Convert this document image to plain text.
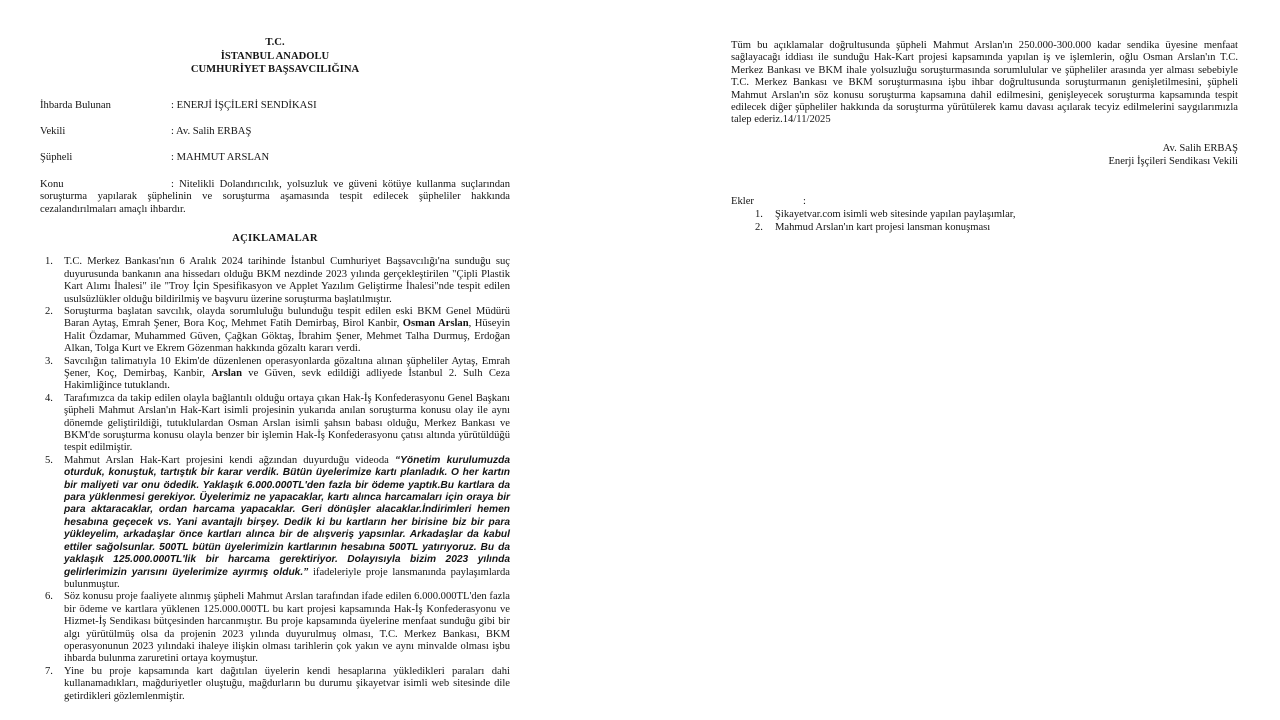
T.C.
İSTANBUL ANADOLU
CUMHURİYET BAŞSAVCILIĞINA

İhbarda Bulunan	: ENERJİ İŞÇİLERİ SENDİKASI

Vekili	: Av. Salih ERBAŞ

Şüpheli	: MAHMUT ARSLAN

Konu	: Nitelikli Dolandırıcılık, yolsuzluk ve güveni kötüye kullanma suçlarından soruşturma yapılarak şüphelinin ve soruşturma aşamasında tespit edilecek şüpheliler hakkında cezalandırılmaları amaçlı ihbardır.

AÇIKLAMALAR
1. T.C. Merkez Bankası'nın 6 Aralık 2024 tarihinde İstanbul Cumhuriyet Başsavcılığı'na sunduğu suç duyurusunda bankanın ana hissedarı olduğu BKM nezdinde 2023 yılında gerçekleştirilen "Çipli Plastik Kart Alımı İhalesi" ile "Troy İçin Spesifikasyon ve Applet Yazılım Geliştirme İhalesi"nde tespit edilen usulsüzlükler olduğu bildirilmiş ve başvuru üzerine soruşturma başlatılmıştır.
2. Soruşturma başlatan savcılık, olayda sorumluluğu bulunduğu tespit edilen eski BKM Genel Müdürü Baran Aytaş, Emrah Şener, Bora Koç, Mehmet Fatih Demirbaş, Birol Kanbir, Osman Arslan, Hüseyin Halit Özdamar, Muhammed Güven, Çağkan Göktaş, İbrahim Şener, Mehmet Talha Durmuş, Erdoğan Alkan, Tolga Kurt ve Ekrem Gözenman hakkında gözaltı kararı verdi.
3. Savcılığın talimatıyla 10 Ekim'de düzenlenen operasyonlarda gözaltına alınan şüpheliler Aytaş, Emrah Şener, Koç, Demirbaş, Kanbir, Arslan ve Güven, sevk edildiği adliyede İstanbul 2. Sulh Ceza Hakimliğince tutuklandı.
4. Tarafımızca da takip edilen olayla bağlantılı olduğu ortaya çıkan Hak-İş Konfederasyonu Genel Başkanı şüpheli Mahmut Arslan'ın Hak-Kart isimli projesinin yukarıda anılan soruşturma konusu olay ile aynı dönemde geliştirildiği, tutuklulardan Osman Arslan isimli şahsın babası olduğu, Merkez Bankası ve BKM'de soruşturma konusu olayla benzer bir işlemin Hak-İş Konfederasyonu çatısı altında yürütüldüğü tespit edilmiştir.
5. Mahmut Arslan Hak-Kart projesini kendi ağzından duyurduğu videoda “Yönetim kurulumuzda oturduk, konuştuk, tartıştık bir karar verdik. Bütün üyelerimize kartı planladık. O her kartın bir maliyeti var onu ödedik. Yaklaşık 6.000.000TL'den fazla bir ödeme yaptık.Bu kartlara da para yüklenmesi gerekiyor. Üyelerimiz ne yapacaklar, kartı alınca harcamaları için oraya bir para aktaracaklar, ordan harcama yapacaklar. Geri dönüşler alacaklar.İndirimleri hemen hesabına geçecek vs. Yani avantajlı birşey. Dedik ki bu kartların her birisine biz bir para yükleyelim, arkadaşlar önce kartları alınca bir de alışveriş yapsınlar. Arkadaşlar da kabul ettiler sağolsunlar. 500TL bütün üyelerimizin kartlarının hesabına 500TL yatırıyoruz. Bu da yaklaşık 125.000.000TL'lik bir harcama gerektiriyor. Dolayısıyla bizim 2023 yılında gelirlerimizin yarısını üyelerimize ayırmış olduk.” ifadeleriyle proje lansmanında paylaşımlarda bulunmuştur.
6. Söz konusu proje faaliyete alınmış şüpheli Mahmut Arslan tarafından ifade edilen 6.000.000TL'den fazla bir ödeme ve kartlara yüklenen 125.000.000TL bu kart projesi kapsamında Hak-İş Konfederasyonu ve Hizmet-İş Sendikası bütçesinden harcanmıştır. Bu proje kapsamında üyelerine menfaat sunduğu gibi bir algı yürütülmüş olsa da projenin 2023 yılında duyurulmuş olması, T.C. Merkez Bankası, BKM operasyonunun 2023 yılındaki ihaleye ilişkin olması tarihlerin çok yakın ve aynı minvalde olması işbu ihbarda bulunma zaruretini ortaya koymuştur.
7. Yine bu proje kapsamında kart dağıtılan üyelerin kendi hesaplarına yükledikleri paraları dahi kullanamadıkları, mağduriyetler oluştuğu, mağdurların bu durumu şikayetvar isimli web sitesinde dile getirdikleri gözlemlenmiştir.

Tüm bu açıklamalar doğrultusunda şüpheli Mahmut Arslan'ın 250.000-300.000 kadar sendika üyesine menfaat sağlayacağı iddiası ile sunduğu Hak-Kart projesi kapsamında yapılan iş ve işlemlerin, oğlu Osman Arslan'ın T.C. Merkez Bankası ve BKM ihale yolsuzluğu soruşturmasında sorumlulular ve şüpheliler arasında yer alması sebebiyle T.C. Merkez Bankası ve BKM soruşturmasına işbu ihbar doğrultusunda soruşturmanın genişletilmesini, şüpheli Mahmut Arslan'ın söz konusu soruşturma kapsamına dahil edilmesini, genişleyecek soruşturma kapsamında tespit edilecek diğer şüpheliler hakkında da soruşturma yürütülerek kamu davası açılarak tecyiz edilmelerini saygılarımızla talep ederiz.14/11/2025

Av. Salih ERBAŞ
Enerji İşçileri Sendikası Vekili

Ekler	:

1. Şikayetvar.com isimli web sitesinde yapılan paylaşımlar,
2. Mahmud Arslan'ın kart projesi lansman konuşması
